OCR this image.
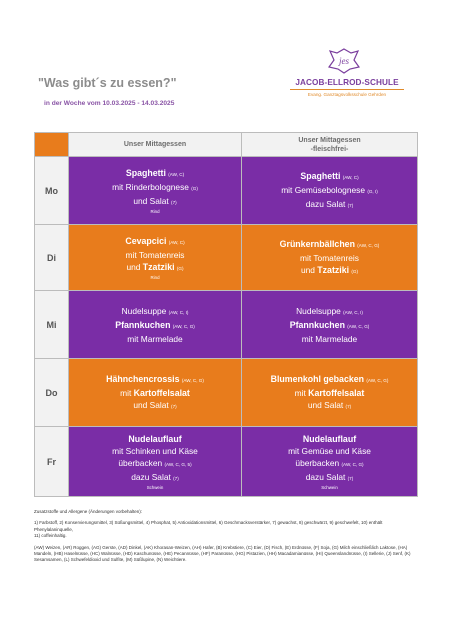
"Was gibt´s zu essen?"
in der Woche vom 10.03.2025 - 14.03.2025
jes
JACOB-ELLROD-SCHULE
Evang. Ganztagsvolksschule Gehrden
	Unser Mittagessen	Unser Mittagessen
-fleischfrei-

Mo	Spaghetti (AW, C)
mit Rinderbolognese (G)
und Salat (7)
Rind	Spaghetti (AW, C)
mit Gemüsebolognese (G, I)
dazu Salat (7)

Di	Cevapcici (AW, C)
mit Tomatenreis
und Tzatziki (G)
Rind	Grünkernbällchen (AW, C, G)
mit Tomatenreis
und Tzatziki (G)

Mi	Nudelsuppe (AW, C, I)
Pfannkuchen (AW, C, G)
mit Marmelade	Nudelsuppe (AW, C, I)
Pfannkuchen (AW, C, G)
mit Marmelade

Do	Hähnchencrossis (AW, C, G)
mit Kartoffelsalat
und Salat (7)	Blumenkohl gebacken (AW, C, G)
mit Kartoffelsalat
und Salat (7)

Fr	Nudelauflauf
mit Schinken und Käse
überbacken (AW, C, G, 5)
dazu Salat (7)
Schwein	Nudelauflauf
mit Gemüse und Käse
überbacken (AW, C, G)
dazu Salat (7)
Schwein

Zusatzstoffe und Allergene (Änderungen vorbehalten):

1) Farbstoff, 2) Konservierungsmittel, 3) Süßungsmittel, 4) Phosphat, 5) Antioxidationsmittel, 6) Geschmacksverstärker, 7) gewachst, 8) geschwärzt, 9) geschwefelt, 10) enthält Phenylalaninquelle,

11) coffeinhaltig.

(AW) Weizen, (AR) Roggen, (AG) Gerste, (AD) Dinkel, (AK) Khorasan-Weizen, (AH) Hafer, (B) Krebstiere, (C) Eier, (D) Fisch, (E) Erdnüsse, (F) Soja, (G) Milch einschließlich Laktose, (HA) Mandeln, (HB) Haselnüsse, (HC) Walnüsse, (HD) Kaschunüsse, (HE) Pecannüsse, (HF) Paranüsse, (HG) Pistazien, (HH) Macadamianüsse, (HI) Queenslandnüsse, (I) Sellerie, (J) Senf, (K) Sesamsamen, (L) Schwefeldioxid und Sulfite, (M) Süßlupine, (N) Weichtiere.
